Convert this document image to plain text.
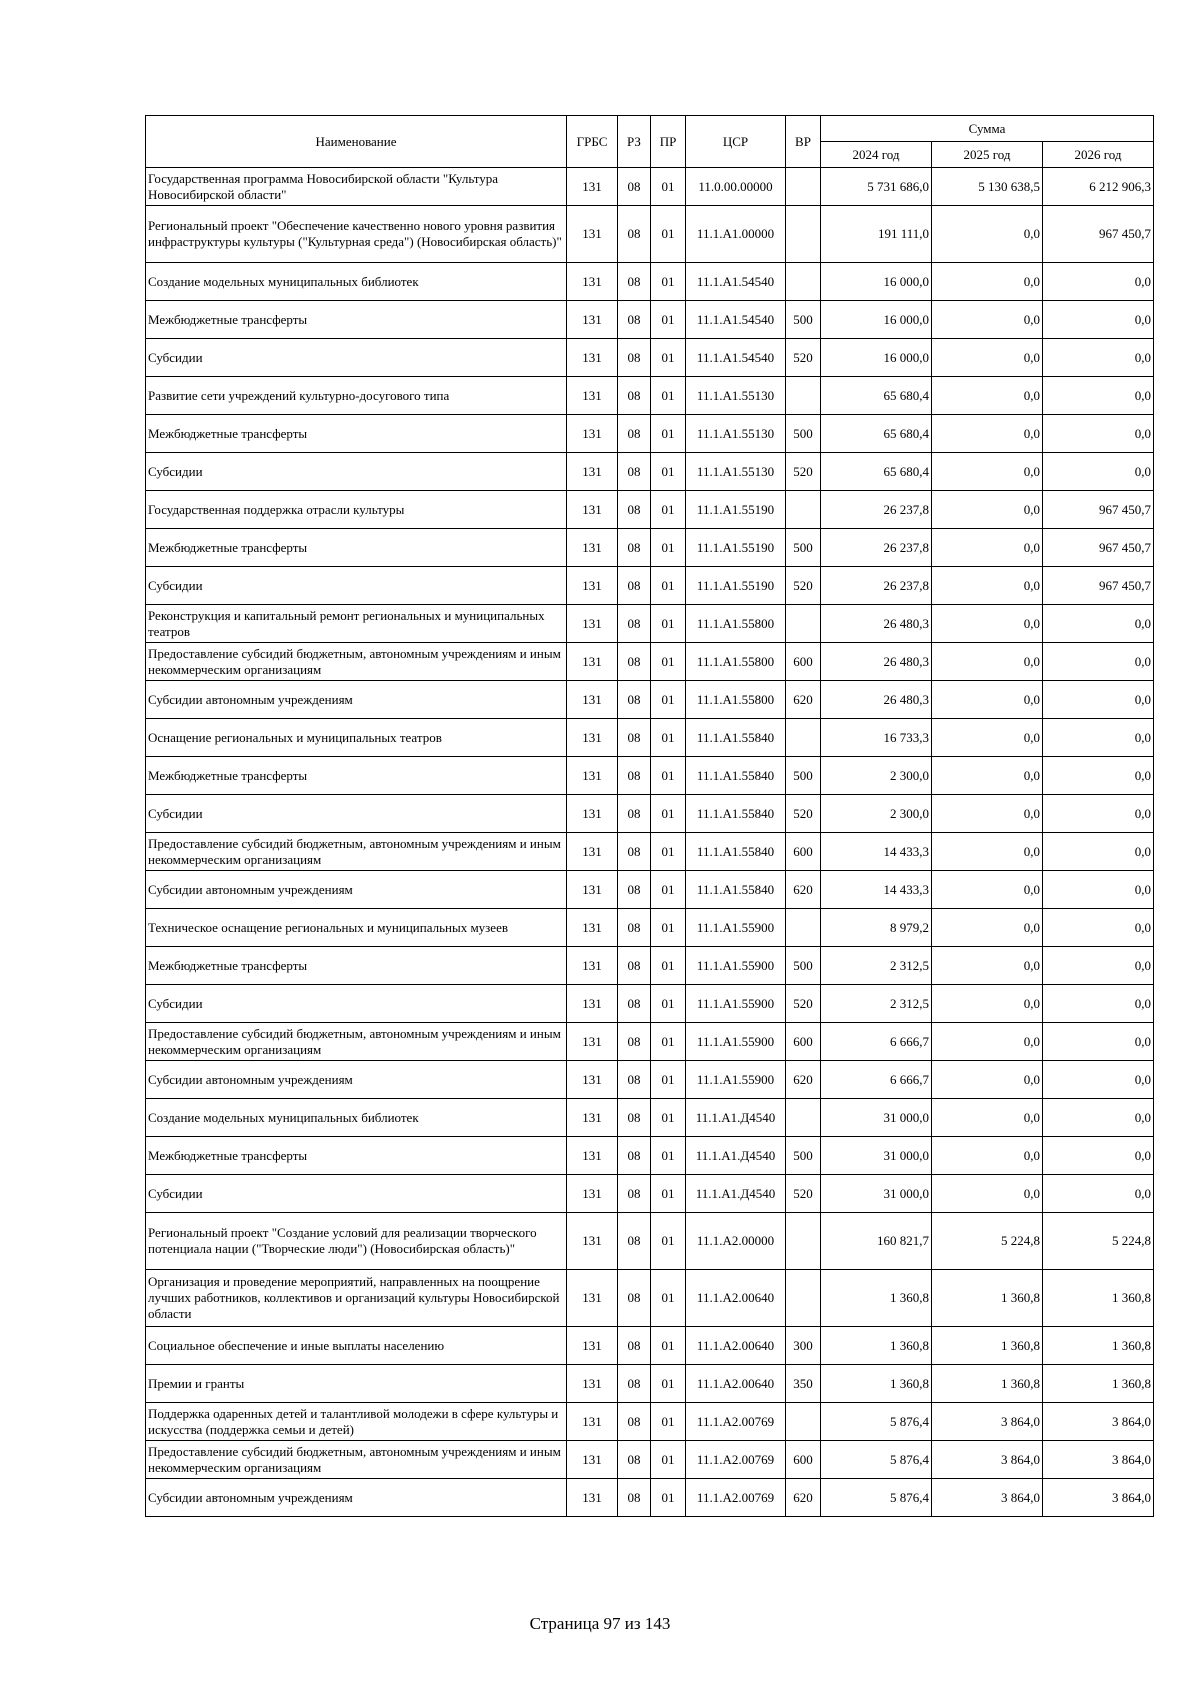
Наименование	ГРБС	РЗ	ПР	ЦСР	ВР	Сумма		
						2024 год	2025 год	2026 год
Государственная программа Новосибирской области "Культура Новосибирской области"	131	08	01	11.0.00.00000		5 731 686,0	5 130 638,5	6 212 906,3
Региональный проект "Обеспечение качественно нового уровня развития инфраструктуры культуры ("Культурная среда") (Новосибирская область)"	131	08	01	11.1.А1.00000		191 111,0	0,0	967 450,7
Создание модельных муниципальных библиотек	131	08	01	11.1.А1.54540		16 000,0	0,0	0,0
Межбюджетные трансферты	131	08	01	11.1.А1.54540	500	16 000,0	0,0	0,0
Субсидии	131	08	01	11.1.А1.54540	520	16 000,0	0,0	0,0
Развитие сети учреждений культурно-досугового типа	131	08	01	11.1.А1.55130		65 680,4	0,0	0,0
Межбюджетные трансферты	131	08	01	11.1.А1.55130	500	65 680,4	0,0	0,0
Субсидии	131	08	01	11.1.А1.55130	520	65 680,4	0,0	0,0
Государственная поддержка отрасли культуры	131	08	01	11.1.А1.55190		26 237,8	0,0	967 450,7
Межбюджетные трансферты	131	08	01	11.1.А1.55190	500	26 237,8	0,0	967 450,7
Субсидии	131	08	01	11.1.А1.55190	520	26 237,8	0,0	967 450,7
Реконструкция и капитальный ремонт региональных и муниципальных театров	131	08	01	11.1.А1.55800		26 480,3	0,0	0,0
Предоставление субсидий бюджетным, автономным учреждениям и иным некоммерческим организациям	131	08	01	11.1.А1.55800	600	26 480,3	0,0	0,0
Субсидии автономным учреждениям	131	08	01	11.1.А1.55800	620	26 480,3	0,0	0,0
Оснащение региональных и муниципальных театров	131	08	01	11.1.А1.55840		16 733,3	0,0	0,0
Межбюджетные трансферты	131	08	01	11.1.А1.55840	500	2 300,0	0,0	0,0
Субсидии	131	08	01	11.1.А1.55840	520	2 300,0	0,0	0,0
Предоставление субсидий бюджетным, автономным учреждениям и иным некоммерческим организациям	131	08	01	11.1.А1.55840	600	14 433,3	0,0	0,0
Субсидии автономным учреждениям	131	08	01	11.1.А1.55840	620	14 433,3	0,0	0,0
Техническое оснащение региональных и муниципальных музеев	131	08	01	11.1.А1.55900		8 979,2	0,0	0,0
Межбюджетные трансферты	131	08	01	11.1.А1.55900	500	2 312,5	0,0	0,0
Субсидии	131	08	01	11.1.А1.55900	520	2 312,5	0,0	0,0
Предоставление субсидий бюджетным, автономным учреждениям и иным некоммерческим организациям	131	08	01	11.1.А1.55900	600	6 666,7	0,0	0,0
Субсидии автономным учреждениям	131	08	01	11.1.А1.55900	620	6 666,7	0,0	0,0
Создание модельных муниципальных библиотек	131	08	01	11.1.А1.Д4540		31 000,0	0,0	0,0
Межбюджетные трансферты	131	08	01	11.1.А1.Д4540	500	31 000,0	0,0	0,0
Субсидии	131	08	01	11.1.А1.Д4540	520	31 000,0	0,0	0,0
Региональный проект "Создание условий для реализации творческого потенциала нации ("Творческие люди") (Новосибирская область)"	131	08	01	11.1.А2.00000		160 821,7	5 224,8	5 224,8
Организация и проведение мероприятий, направленных на поощрение лучших работников, коллективов и организаций культуры Новосибирской области	131	08	01	11.1.А2.00640		1 360,8	1 360,8	1 360,8
Социальное обеспечение и иные выплаты населению	131	08	01	11.1.А2.00640	300	1 360,8	1 360,8	1 360,8
Премии и гранты	131	08	01	11.1.А2.00640	350	1 360,8	1 360,8	1 360,8
Поддержка одаренных детей и талантливой молодежи в сфере культуры и искусства (поддержка семьи и детей)	131	08	01	11.1.А2.00769		5 876,4	3 864,0	3 864,0
Предоставление субсидий бюджетным, автономным учреждениям и иным некоммерческим организациям	131	08	01	11.1.А2.00769	600	5 876,4	3 864,0	3 864,0
Субсидии автономным учреждениям	131	08	01	11.1.А2.00769	620	5 876,4	3 864,0	3 864,0
Страница 97 из 143
